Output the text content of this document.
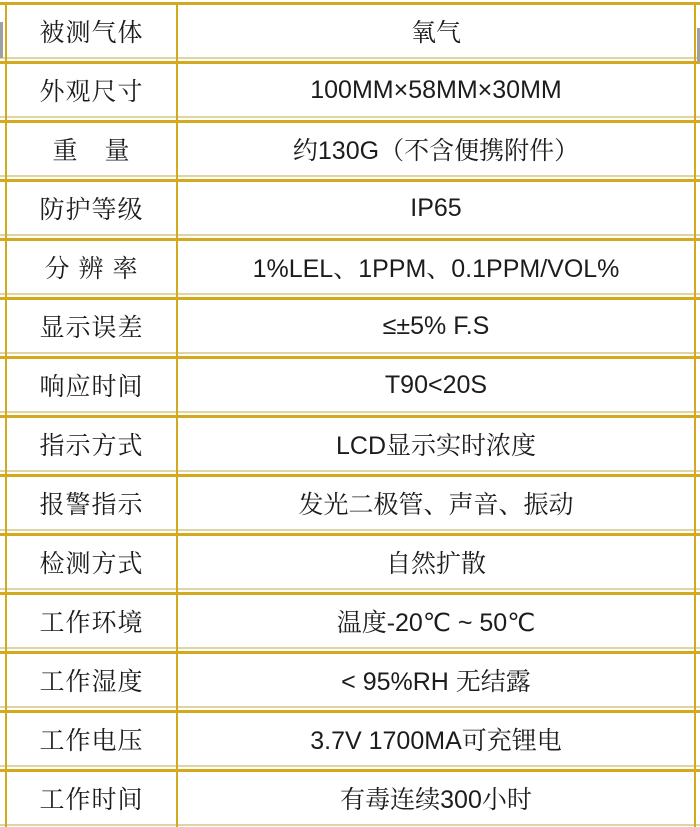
被测气体	氧气
外观尺寸	100MM×58MM×30MM
重　量	约130G（不含便携附件）
防护等级	IP65
分 辨 率	1%LEL、1PPM、0.1PPM/VOL%
显示误差	≤±5% F.S
响应时间	T90<20S
指示方式	LCD显示实时浓度
报警指示	发光二极管、声音、振动
检测方式	自然扩散
工作环境	温度-20℃ ~ 50℃
工作湿度	< 95%RH 无结露
工作电压	3.7V 1700MA可充锂电
工作时间	有毒连续300小时
